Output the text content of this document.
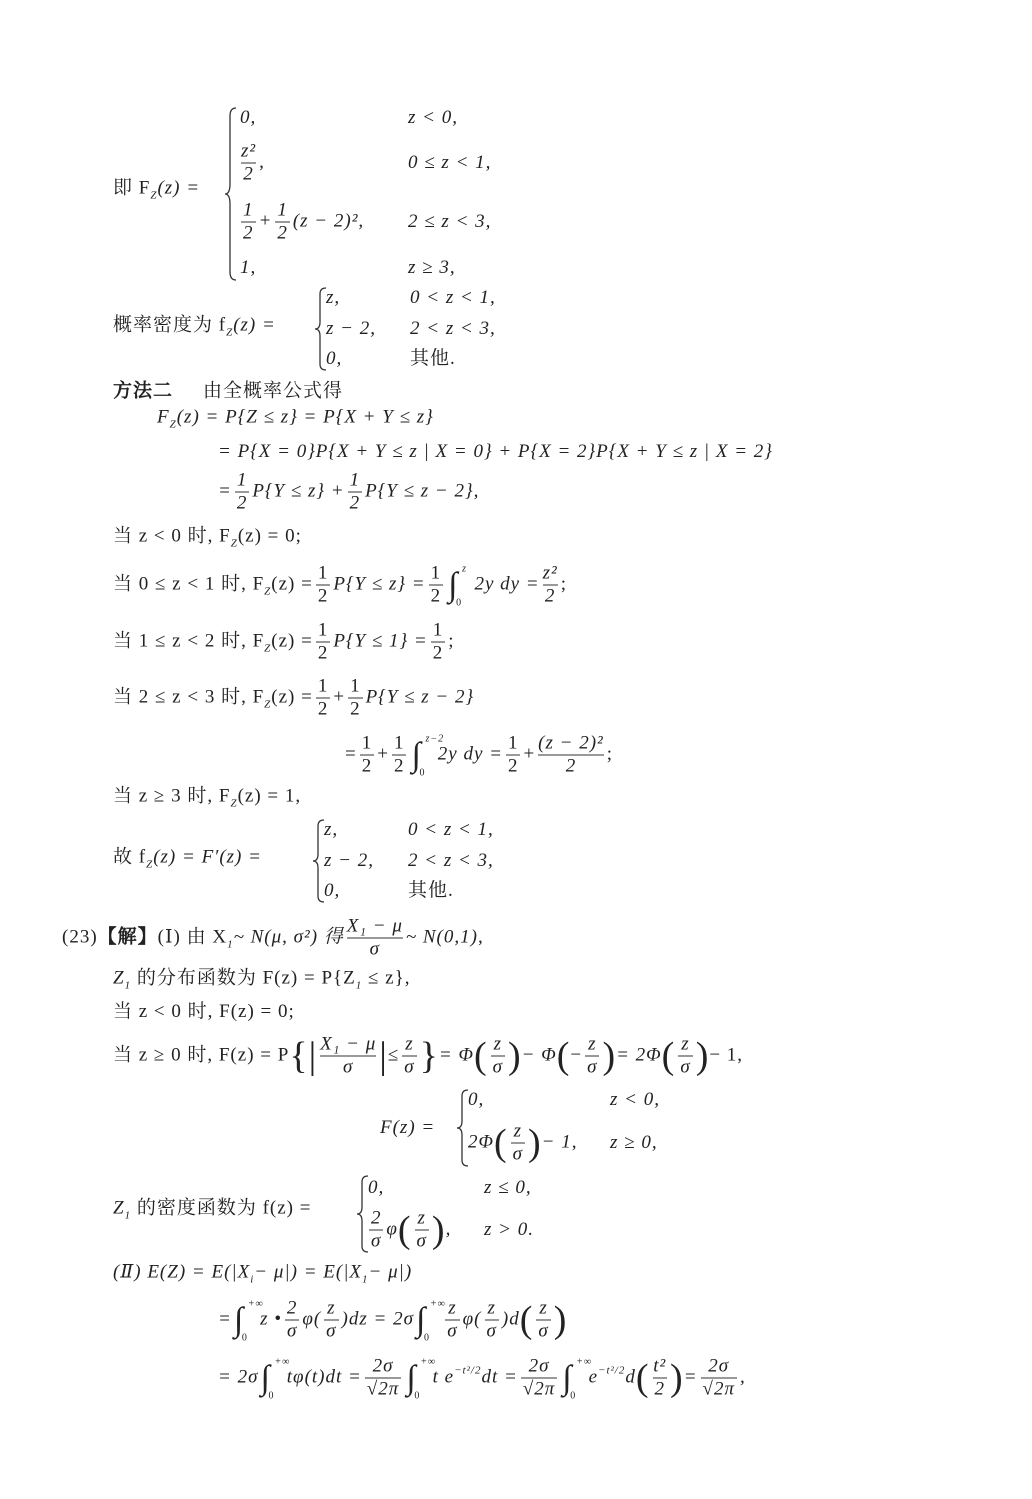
即 $F_Z(z)$ =
0,	z < 0,
$\frac{\text{z²}}{2}$ ,	0 ≤ z < 1,
$\frac{1}{2} + \frac{1}{2} (z - 2)^2$, 2 ≤ z < 3,
1,	z ≥ 3,
概率密度为 $f_Z(z)$ =
z,	0 < z < 1,
z − 2, 2 < z < 3,
0,	其他.
方法二 由全概率公式得
$F_Z(z) = P\{Z \le z\} = P\{X + Y \le z\}$
= P{X = 0}P{X + Y ≤ z | X = 0} + P{X = 2}P{X + Y ≤ z | X = 2}
= $\frac{1}{2} P\{Y \le z\} + \frac{1}{2} P\{Y \le z - 2\}$,
当 z < 0 时, $F_Z(z) = 0$;
当 0 ≤ z < 1 时, $F_Z(z) = \frac{1}{2} P\{Y \le z\} = \frac{1}{2}$ ∫ z
0
2y dy = $\frac{\text{z²}}{2}$ ;
当 1 ≤ z < 2 时, $F_Z(z) = \frac{1}{2} P\{Y \le 1\} = \frac{1}{2}$ ;
当 2 ≤ z < 3 时, $F_Z(z) = \frac{1}{2} + \frac{1}{2} P\{Y \le z - 2\}$
= $\frac{1}{2} + \frac{1}{2}$ ∫ z−2
0
2y dy = $\frac{1}{2} + \frac{\text{(z − 2)²}}{2}$ ;
当 z ≥ 3 时, $F_Z(z) = 1$,
故 $f_Z(z) = F'(z)$ =
z,	0 < z < 1,
z − 2, 2 < z < 3,
0,	其他.
(23)【解】(Ⅰ) 由 $X_1\sim$ N(μ, σ²) 得 $\frac{\text{X₁ − μ}}{\sigma}$ ~ N(0,1),
$Z_1$ 的分布函数为 $F(z) = P\{Z_1 \le z\}$,
当 z < 0 时, F(z) = 0;
当 z ≥ 0 时, $F(z) = P\{| \frac{\text{X₁ − μ}}{\sigma}$ |≤ $\frac{z}{\sigma}$ }= $\Phi( \frac{z}{\sigma}$ )− $\Phi(- \frac{z}{\sigma}$ )= $2\Phi( \frac{z}{\sigma}$ )− 1,
F(z) =
0,	z < 0,
$2\Phi( \frac{z}{\sigma}$ )− 1, z ≥ 0,
$Z_1$ 的密度函数为 f(z) =
0,	z ≤ 0,
$\frac{2}{\sigma} \varphi( \frac{z}{\sigma}$ ), z > 0.
(Ⅱ) $E(Z) = E(|X_i- \mu|) = E(|X_1- \mu|)$
=∫ +∞
0
z • $\frac{2}{\sigma} \varphi( \frac{z}{\sigma} )dz = 2\sigma\int$ +∞
$0 \frac{z}{\sigma} \varphi( \frac{z}{\sigma} )d( \frac{z}{\sigma}$ )
= 2σ∫ +∞
0
$t\varphi(t)dt = \frac{2\sigma}{√2\pi}$ ∫ +∞
0
t $e^{-t^2/2}dt = \frac{2\sigma}{√2\pi}$ ∫ +∞
0
$e^{-t^2/2}d( \frac{\text{t²}}{2}$ )= $\frac{2\sigma}{√2\pi}$ ,
